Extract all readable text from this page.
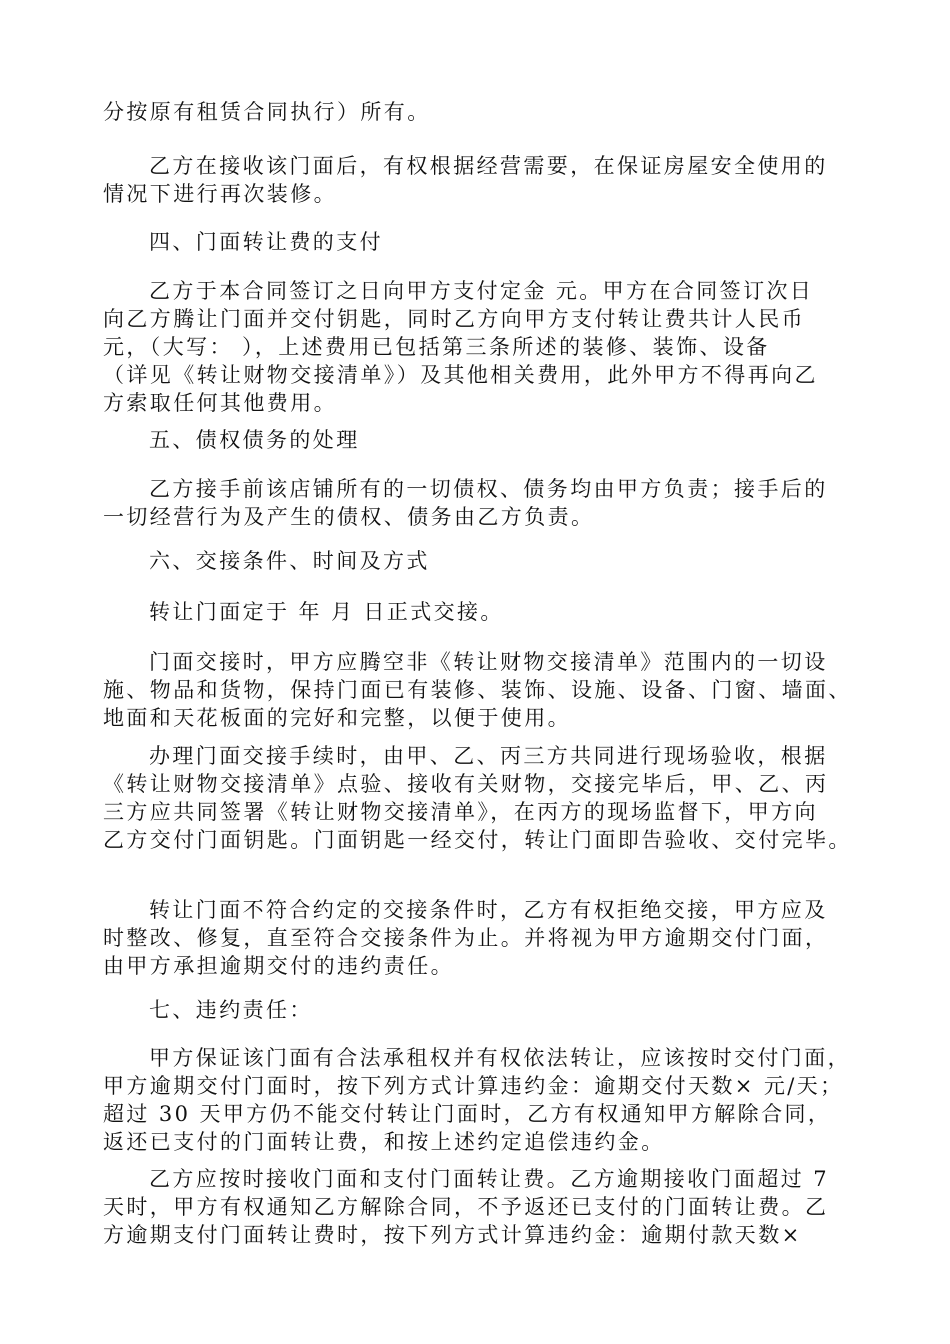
分按原有租赁合同执行）所有。

乙方在接收该门面后，有权根据经营需要，在保证房屋安全使用的
情况下进行再次装修。

四、门面转让费的支付

乙方于本合同签订之日向甲方支付定金 元。甲方在合同签订次日
向乙方腾让门面并交付钥匙，同时乙方向甲方支付转让费共计人民币
元，（大写： ），上述费用已包括第三条所述的装修、装饰、设备
（详见《转让财物交接清单》）及其他相关费用，此外甲方不得再向乙
方索取任何其他费用。

五、债权债务的处理

乙方接手前该店铺所有的一切债权、债务均由甲方负责；接手后的
一切经营行为及产生的债权、债务由乙方负责。

六、交接条件、时间及方式

转让门面定于 年 月 日正式交接。

门面交接时，甲方应腾空非《转让财物交接清单》范围内的一切设
施、物品和货物，保持门面已有装修、装饰、设施、设备、门窗、墙面、
地面和天花板面的完好和完整，以便于使用。

办理门面交接手续时，由甲、乙、丙三方共同进行现场验收，根据
《转让财物交接清单》点验、接收有关财物，交接完毕后，甲、乙、丙
三方应共同签署《转让财物交接清单》，在丙方的现场监督下，甲方向
乙方交付门面钥匙。门面钥匙一经交付，转让门面即告验收、交付完毕。

转让门面不符合约定的交接条件时，乙方有权拒绝交接，甲方应及
时整改、修复，直至符合交接条件为止。并将视为甲方逾期交付门面，
由甲方承担逾期交付的违约责任。

七、违约责任：

甲方保证该门面有合法承租权并有权依法转让，应该按时交付门面，
甲方逾期交付门面时，按下列方式计算违约金：逾期交付天数× 元/天；
超过 30 天甲方仍不能交付转让门面时，乙方有权通知甲方解除合同，
返还已支付的门面转让费，和按上述约定追偿违约金。

乙方应按时接收门面和支付门面转让费。乙方逾期接收门面超过 7
天时，甲方有权通知乙方解除合同，不予返还已支付的门面转让费。乙
方逾期支付门面转让费时，按下列方式计算违约金：逾期付款天数×
